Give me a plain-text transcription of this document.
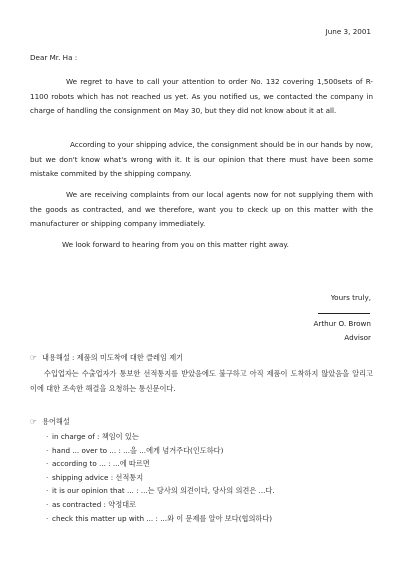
June 3, 2001
Dear Mr. Ha :

We regret to have to call your attention to order No. 132 covering 1,500sets of R-1100 robots which has not reached us yet. As you notified us, we contacted the company in charge of handling the consignment on May 30, but they did not know about it at all.

According to your shipping advice, the consignment should be in our hands by now, but we don't know what's wrong with it. It is our opinion that there must have been some mistake commited by the shipping company.

We are receiving complaints from our local agents now for not supplying them with the goods as contracted, and we therefore, want you to ckeck up on this matter with the manufacturer or shipping company immediately.

We look forward to hearing from you on this matter right away.

Yours truly,
Arthur O. Brown
Advisor
☞ 내용해설 : 제품의 미도착에 대한 클레임 제기

수입업자는 수출업자가 통보한 선적통지를 받았음에도 불구하고 아직 제품이 도착하지 않았음을 알리고 이에 대한 조속한 해결을 요청하는 통신문이다.

☞ 용어해설
· in charge of : 책임이 있는
· hand ... over to ... : ...을 ...에게 넘겨주다(인도하다)
· according to ... : ...에 따르면
· shipping advice : 선적통지
· it is our opinion that ... : ...는 당사의 의견이다, 당사의 의견은 ...다.
· as contracted : 약정대로
· check this matter up with ... : ...와 이 문제를 알아 보다(협의하다)
